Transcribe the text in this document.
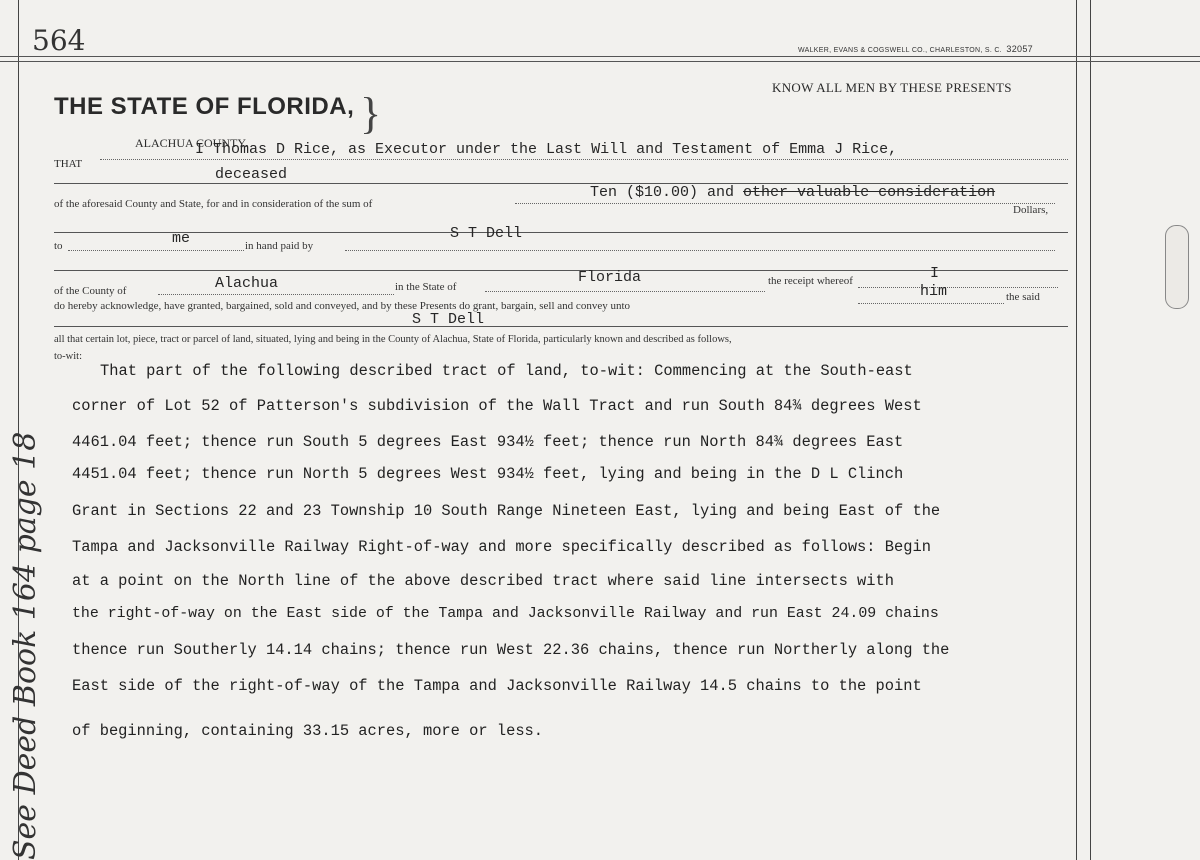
564	WALKER, EVANS & COGSWELL CO., CHARLESTON, S. C. 32057
KNOW ALL MEN BY THESE PRESENTS
THE STATE OF FLORIDA, }
ALACHUA COUNTY.
THAT
I Thomas D Rice, as Executor under the Last Will and Testament of Emma J Rice,
deceased
of the aforesaid County and State, for and in consideration of the sum of
Ten ($10.00) and other valuable consideration
Dollars,
to	me	in hand paid by
S T Dell
of the County of	Alachua	in the State of
Florida	the receipt whereof	I
do hereby acknowledge, have granted, bargained, sold and conveyed, and by these Presents do grant, bargain, sell and convey unto
him	the said
S T Dell
all that certain lot, piece, tract or parcel of land, situated, lying and being in the County of Alachua, State of Florida, particularly known and described as follows,
to-wit:
That part of the following described tract of land, to-wit: Commencing at the South-east
corner of Lot 52 of Patterson's subdivision of the Wall Tract and run South 84¾ degrees West
4461.04 feet; thence run South 5 degrees East 934½ feet; thence run North 84¾ degrees East
4451.04 feet; thence run North 5 degrees West 934½ feet, lying and being in the D L Clinch
Grant in Sections 22 and 23 Township 10 South Range Nineteen East, lying and being East of the
Tampa and Jacksonville Railway Right-of-way and more specifically described as follows: Begin
at a point on the North line of the above described tract where said line intersects with
the right-of-way on the East side of the Tampa and Jacksonville Railway and run East 24.09 chains
thence run Southerly 14.14 chains; thence run West 22.36 chains, thence run Northerly along the
East side of the right-of-way of the Tampa and Jacksonville Railway 14.5 chains to the point
of beginning, containing 33.15 acres, more or less.
See Deed Book 164 page 18
